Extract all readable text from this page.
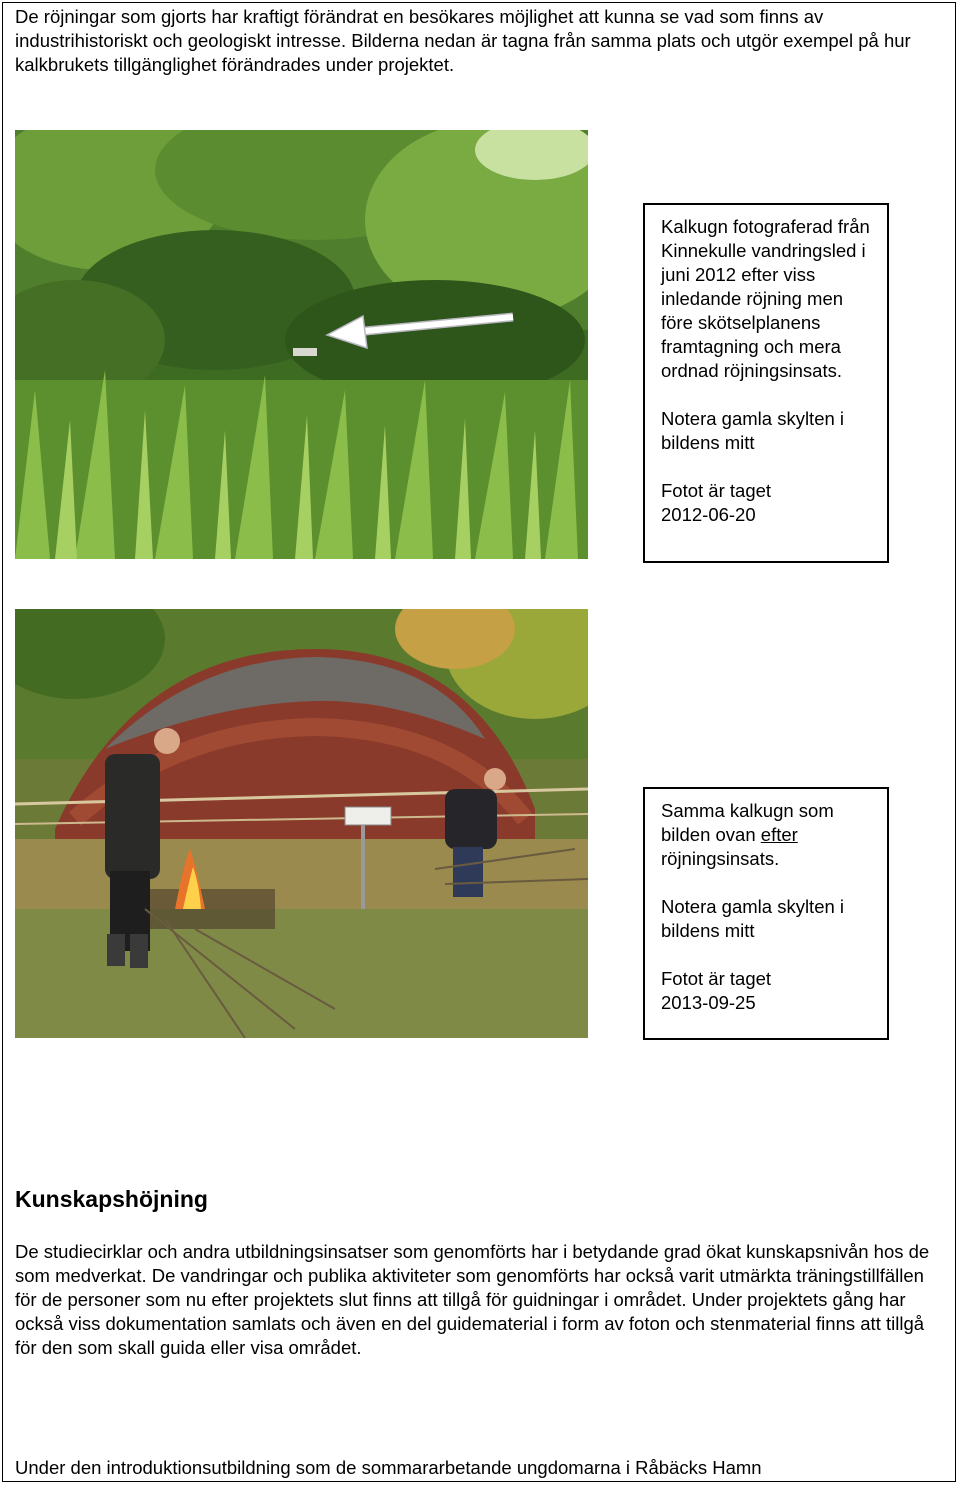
De röjningar som gjorts har kraftigt förändrat en besökares möjlighet att kunna se vad som finns av industrihistoriskt och geologiskt intresse. Bilderna nedan är tagna från samma plats och utgör exempel på hur kalkbrukets tillgänglighet förändrades under projektet.

Kalkugn fotograferad från Kinnekulle vandringsled i juni 2012 efter viss inledande röjning men före skötselplanens framtagning och mera ordnad röjningsinsats.

Notera gamla skylten i bildens mitt

Fotot är taget
2012-06-20

Samma kalkugn som bilden ovan efter röjningsinsats.

Notera gamla skylten i bildens mitt

Fotot är taget
2013-09-25

Kunskapshöjning

De studiecirklar och andra utbildningsinsatser som genomförts har i betydande grad ökat kunskapsnivån hos de som medverkat. De vandringar och publika aktiviteter som genomförts har också varit utmärkta träningstillfällen för de personer som nu efter projektets slut finns att tillgå för guidningar i området. Under projektets gång har också viss dokumentation samlats och även en del guidematerial i form av foton och stenmaterial finns att tillgå för den som skall guida eller visa området.

Under den introduktionsutbildning som de sommararbetande ungdomarna i Råbäcks Hamn
